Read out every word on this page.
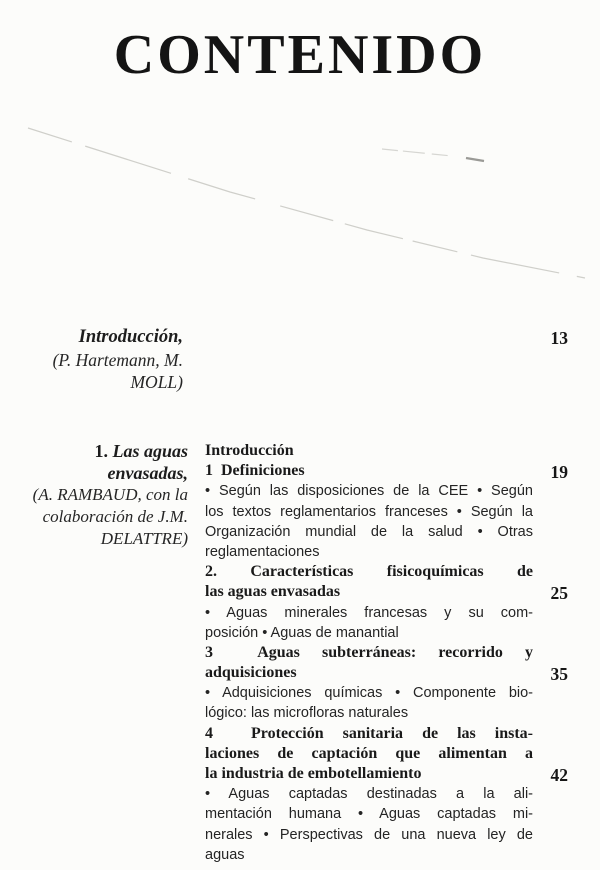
CONTENIDO
Introducción,
(P. Hartemann, M.
MOLL)
13
1. Las aguas
envasadas,
(A. RAMBAUD, con la
colaboración de J.M.
DELATTRE)
Introducción
1  Definiciones
• Según las disposiciones de la CEE • Según
los textos reglamentarios franceses • Según la
Organización mundial de la salud • Otras
reglamentaciones
2. Características fisicoquímicas de
las aguas envasadas
• Aguas minerales francesas y su com-
posición • Aguas de manantial
3  Aguas subterráneas: recorrido y
adquisiciones
• Adquisiciones químicas • Componente bio-
lógico: las microfloras naturales
4  Protección sanitaria de las insta-
laciones de captación que alimentan a
la industria de embotellamiento
• Aguas captadas destinadas a la ali-
mentación humana • Aguas captadas mi-
nerales • Perspectivas de una nueva ley de
aguas
19
25
35
42
